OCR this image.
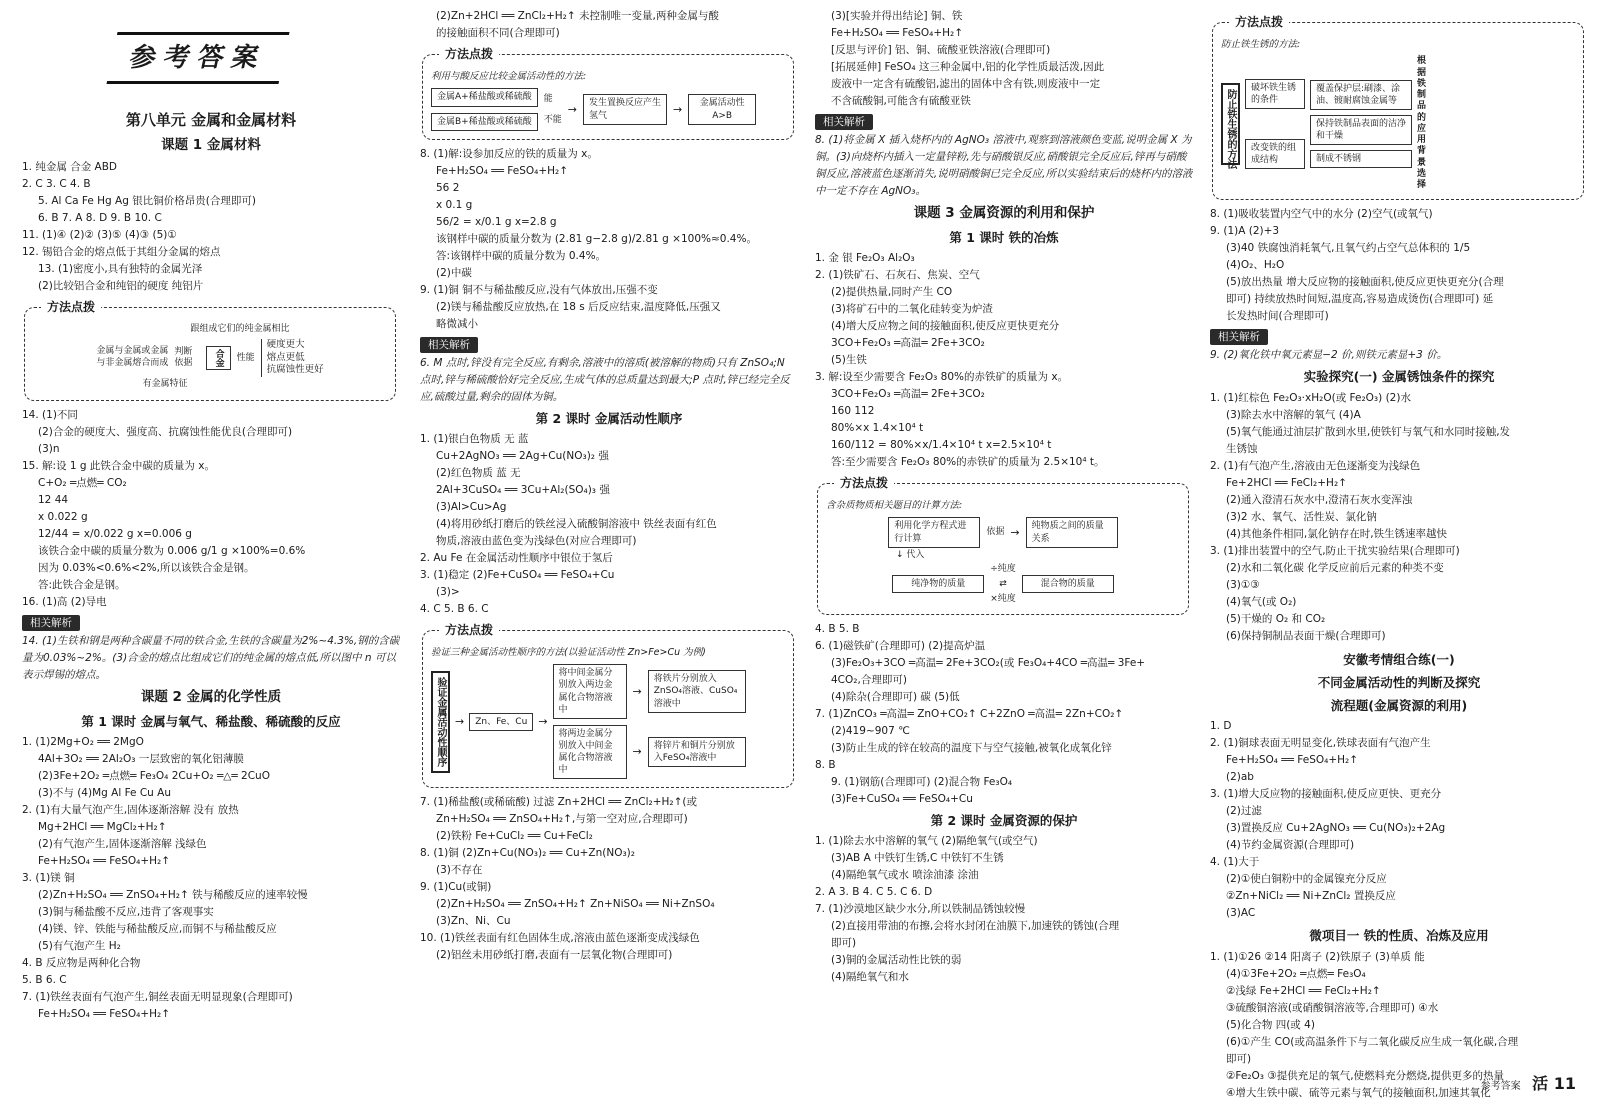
参考答案
第八单元 金属和金属材料
课题 1 金属材料
1. 纯金属 合金 ABD
2. C 3. C 4. B
5. Al Ca Fe Hg Ag 银比铜价格昂贵(合理即可)
6. B 7. A 8. D 9. B 10. C
11. (1)④ (2)② (3)⑤ (4)③ (5)①
12. 锡铅合金的熔点低于其组分金属的熔点
13. (1)密度小,具有独特的金属光泽
(2)比较铝合金和纯铝的硬度 纯铝片
方法点拨
跟组成它们的纯金属相比
金属与金属或金属
与非金属熔合而成
判断依据	合金	性能
硬度更大
熔点更低
抗腐蚀性更好
有金属特征
14. (1)不同
(2)合金的硬度大、强度高、抗腐蚀性能优良(合理即可)
(3)n
15. 解:设 1 g 此铁合金中碳的质量为 x。
C+O₂ ═点燃═ CO₂
12 44
x 0.022 g
12/44 = x/0.022 g x=0.006 g
该铁合金中碳的质量分数为 0.006 g/1 g ×100%=0.6%
因为 0.03%<0.6%<2%,所以该铁合金是钢。
答:此铁合金是钢。
16. (1)高 (2)导电
相关解析
14. (1)生铁和钢是两种含碳量不同的铁合金,生铁的含碳量为2%~4.3%,钢的含碳量为0.03%~2%。(3)合金的熔点比组成它们的纯金属的熔点低,所以图中 n 可以表示焊锡的熔点。
课题 2 金属的化学性质
第 1 课时 金属与氧气、稀盐酸、稀硫酸的反应
1. (1)2Mg+O₂ ══ 2MgO
4Al+3O₂ ══ 2Al₂O₃ 一层致密的氧化铝薄膜
(2)3Fe+2O₂ ═点燃═ Fe₃O₄ 2Cu+O₂ ═△═ 2CuO
(3)不与 (4)Mg Al Fe Cu Au
2. (1)有大量气泡产生,固体逐渐溶解 没有 放热
Mg+2HCl ══ MgCl₂+H₂↑
(2)有气泡产生,固体逐渐溶解 浅绿色
Fe+H₂SO₄ ══ FeSO₄+H₂↑
3. (1)镁 铜
(2)Zn+H₂SO₄ ══ ZnSO₄+H₂↑ 铁与稀酸反应的速率较慢
(3)铜与稀盐酸不反应,违背了客观事实
(4)镁、锌、铁能与稀盐酸反应,而铜不与稀盐酸反应
(5)有气泡产生 H₂
4. B 反应物是两种化合物
5. B 6. C
7. (1)铁丝表面有气泡产生,铜丝表面无明显现象(合理即可)
Fe+H₂SO₄ ══ FeSO₄+H₂↑
(2)Zn+2HCl ══ ZnCl₂+H₂↑ 未控制唯一变量,两种金属与酸
的接触面积不同(合理即可)
方法点拨
利用与酸反应比较金属活动性的方法:
金属A+稀盐酸或稀硫酸
金属B+稀盐酸或稀硫酸
能
不能
→	发生置换反应产生氢气	→	金属活动性 A>B
8. (1)解:设参加反应的铁的质量为 x。
Fe+H₂SO₄ ══ FeSO₄+H₂↑
56 2
x 0.1 g
56/2 = x/0.1 g x=2.8 g
该钢样中碳的质量分数为 (2.81 g−2.8 g)/2.81 g ×100%≈0.4%。
答:该钢样中碳的质量分数为 0.4%。
(2)中碳
9. (1)铜 铜不与稀盐酸反应,没有气体放出,压强不变
(2)镁与稀盐酸反应放热,在 18 s 后反应结束,温度降低,压强又
略微减小
相关解析
6. M 点时,锌没有完全反应,有剩余,溶液中的溶质(被溶解的物质)只有 ZnSO₄;N 点时,锌与稀硫酸恰好完全反应,生成气体的总质量达到最大;P 点时,锌已经完全反应,硫酸过量,剩余的固体为铜。
第 2 课时 金属活动性顺序
1. (1)银白色物质 无 蓝
Cu+2AgNO₃ ══ 2Ag+Cu(NO₃)₂ 强
(2)红色物质 蓝 无
2Al+3CuSO₄ ══ 3Cu+Al₂(SO₄)₃ 强
(3)Al>Cu>Ag
(4)将用砂纸打磨后的铁丝浸入硫酸铜溶液中 铁丝表面有红色
物质,溶液由蓝色变为浅绿色(对应合理即可)
2. Au Fe 在金属活动性顺序中银位于氢后
3. (1)稳定 (2)Fe+CuSO₄ ══ FeSO₄+Cu
(3)>
4. C 5. B 6. C
方法点拨
验证三种金属活动性顺序的方法(以验证活动性 Zn>Fe>Cu 为例)
验证金属活动性顺序 →	Zn、Fe、Cu	→
将中间金属分别放入两边金属化合物溶液中
→
将铁片分别放入ZnSO₄溶液、CuSO₄溶液中
将两边金属分别放入中间金属化合物溶液中
→	将锌片和铜片分别放入FeSO₄溶液中
7. (1)稀盐酸(或稀硫酸) 过滤 Zn+2HCl ══ ZnCl₂+H₂↑(或
Zn+H₂SO₄ ══ ZnSO₄+H₂↑,与第一空对应,合理即可)
(2)铁粉 Fe+CuCl₂ ══ Cu+FeCl₂
8. (1)铜 (2)Zn+Cu(NO₃)₂ ══ Cu+Zn(NO₃)₂
(3)不存在
9. (1)Cu(或铜)
(2)Zn+H₂SO₄ ══ ZnSO₄+H₂↑ Zn+NiSO₄ ══ Ni+ZnSO₄
(3)Zn、Ni、Cu
10. (1)铁丝表面有红色固体生成,溶液由蓝色逐渐变成浅绿色
(2)铝丝未用砂纸打磨,表面有一层氧化物(合理即可)
(3)[实验并得出结论] 铜、铁
Fe+H₂SO₄ ══ FeSO₄+H₂↑
[反思与评价] 铝、铜、硫酸亚铁溶液(合理即可)
[拓展延伸] FeSO₄ 这三种金属中,铝的化学性质最活泼,因此
废液中一定含有硫酸铝,滤出的固体中含有铁,则废液中一定
不含硫酸铜,可能含有硫酸亚铁
相关解析
8. (1)将金属 X 插入烧杯内的 AgNO₃ 溶液中,观察到溶液颜色变蓝,说明金属 X 为铜。(3)向烧杯内插入一定量锌粉,先与硝酸银反应,硝酸银完全反应后,锌再与硝酸铜反应,溶液蓝色逐渐消失,说明硝酸铜已完全反应,所以实验结束后的烧杯内的溶液中一定不存在 AgNO₃。
课题 3 金属资源的利用和保护
第 1 课时 铁的冶炼
1. 金 银 Fe₂O₃ Al₂O₃
2. (1)铁矿石、石灰石、焦炭、空气
(2)提供热量,同时产生 CO
(3)将矿石中的二氧化硅转变为炉渣
(4)增大反应物之间的接触面积,使反应更快更充分
3CO+Fe₂O₃ ═高温═ 2Fe+3CO₂
(5)生铁
3. 解:设至少需要含 Fe₂O₃ 80%的赤铁矿的质量为 x。
3CO+Fe₂O₃ ═高温═ 2Fe+3CO₂
160 112
80%×x 1.4×10⁴ t
160/112 = 80%×x/1.4×10⁴ t x=2.5×10⁴ t
答:至少需要含 Fe₂O₃ 80%的赤铁矿的质量为 2.5×10⁴ t。
方法点拨
含杂质物质相关题目的计算方法:
利用化学方程式进行计算
依据 →	纯物质之间的质量关系
↓ 代入
纯净物的质量
÷纯度
⇄
×纯度
混合物的质量
4. B 5. B
6. (1)磁铁矿(合理即可) (2)提高炉温
(3)Fe₂O₃+3CO ═高温═ 2Fe+3CO₂(或 Fe₃O₄+4CO ═高温═ 3Fe+
4CO₂,合理即可)
(4)除杂(合理即可) 碳 (5)低
7. (1)ZnCO₃ ═高温═ ZnO+CO₂↑ C+2ZnO ═高温═ 2Zn+CO₂↑
(2)419~907 ℃
(3)防止生成的锌在较高的温度下与空气接触,被氧化成氧化锌
8. B
9. (1)钢筋(合理即可) (2)混合物 Fe₃O₄
(3)Fe+CuSO₄ ══ FeSO₄+Cu
第 2 课时 金属资源的保护
1. (1)除去水中溶解的氧气 (2)隔绝氧气(或空气)
(3)AB A 中铁钉生锈,C 中铁钉不生锈
(4)隔绝氧气或水 喷涂油漆 涂油
2. A 3. B 4. C 5. C 6. D
7. (1)沙漠地区缺少水分,所以铁制品锈蚀较慢
(2)直接用带油的布擦,会将水封闭在油膜下,加速铁的锈蚀(合理
即可)
(3)铜的金属活动性比铁的弱
(4)隔绝氧气和水
方法点拨
防止铁生锈的方法:
防止铁生锈的方法
破坏铁生锈的条件
改变铁的组成结构
覆盖保护层:刷漆、涂油、镀耐腐蚀金属等
保持铁制品表面的洁净和干燥
制成不锈钢
根据铁制品的应用背景选择
8. (1)吸收装置内空气中的水分 (2)空气(或氧气)
9. (1)A (2)+3
(3)40 铁腐蚀消耗氧气,且氧气约占空气总体积的 1/5
(4)O₂、H₂O
(5)放出热量 增大反应物的接触面积,使反应更快更充分(合理
即可) 持续放热时间短,温度高,容易造成烫伤(合理即可) 延
长发热时间(合理即可)
相关解析
9. (2)氧化铁中氧元素显−2 价,则铁元素显+3 价。
实验探究(一) 金属锈蚀条件的探究
1. (1)红棕色 Fe₂O₃·xH₂O(或 Fe₂O₃) (2)水
(3)除去水中溶解的氧气 (4)A
(5)氧气能通过油层扩散到水里,使铁钉与氧气和水同时接触,发
生锈蚀
2. (1)有气泡产生,溶液由无色逐渐变为浅绿色
Fe+2HCl ══ FeCl₂+H₂↑
(2)通入澄清石灰水中,澄清石灰水变浑浊
(3)2 水、氧气、活性炭、氯化钠
(4)其他条件相同,氯化钠存在时,铁生锈速率越快
3. (1)排出装置中的空气,防止干扰实验结果(合理即可)
(2)水和二氧化碳 化学反应前后元素的种类不变
(3)①③
(4)氧气(或 O₂)
(5)干燥的 O₂ 和 CO₂
(6)保持铜制品表面干燥(合理即可)
安徽考情组合练(一)
不同金属活动性的判断及探究
流程题(金属资源的利用)
1. D
2. (1)铜球表面无明显变化,铁球表面有气泡产生
Fe+H₂SO₄ ══ FeSO₄+H₂↑
(2)ab
3. (1)增大反应物的接触面积,使反应更快、更充分
(2)过滤
(3)置换反应 Cu+2AgNO₃ ══ Cu(NO₃)₂+2Ag
(4)节约金属资源(合理即可)
4. (1)大于
(2)①使白铜粉中的金属镍充分反应
②Zn+NiCl₂ ══ Ni+ZnCl₂ 置换反应
(3)AC
微项目一 铁的性质、冶炼及应用
1. (1)①26 ②14 阳离子 (2)铁原子 (3)单质 能
(4)①3Fe+2O₂ ═点燃═ Fe₃O₄
②浅绿 Fe+2HCl ══ FeCl₂+H₂↑
③硫酸铜溶液(或硝酸铜溶液等,合理即可) ④水
(5)化合物 四(或 4)
(6)①产生 CO(或高温条件下与二氧化碳反应生成一氧化碳,合理
即可)
②Fe₂O₃ ③提供充足的氧气,使燃料充分燃烧,提供更多的热量
④增大生铁中碳、硫等元素与氧气的接触面积,加速其氧化
参考答案 活 11
